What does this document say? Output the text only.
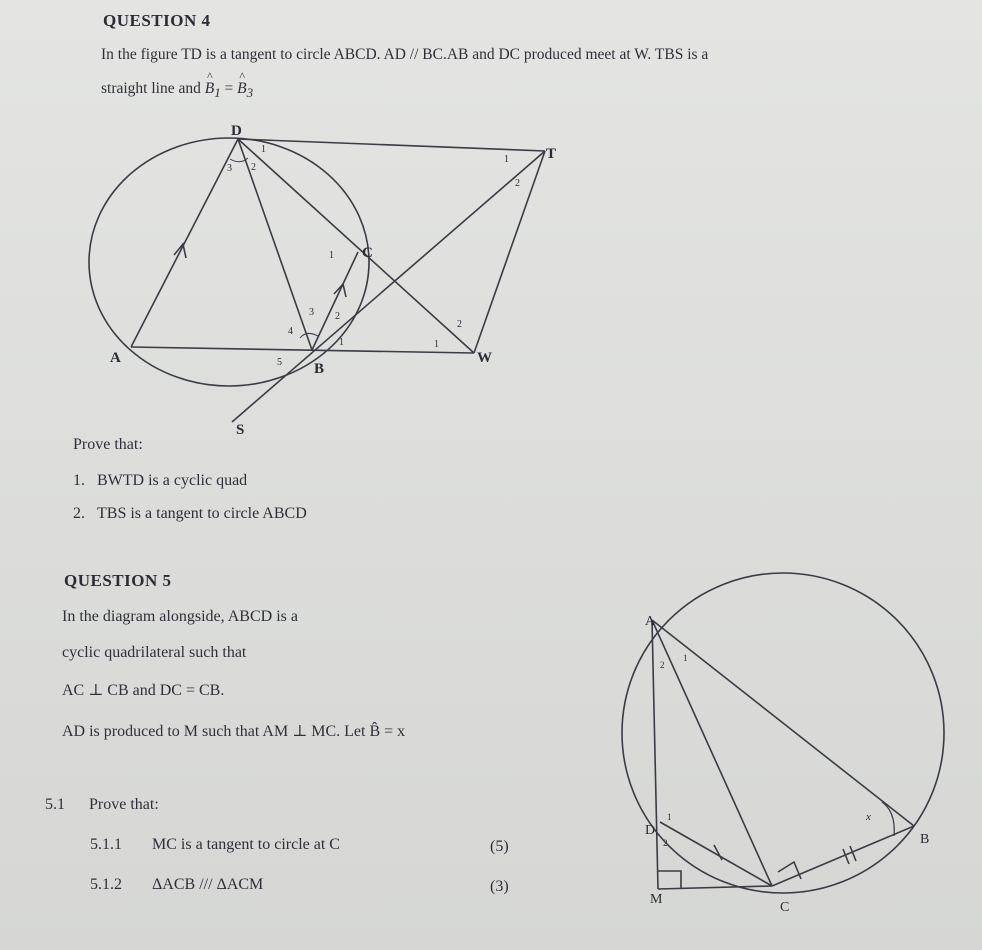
QUESTION 4
In the figure TD is a tangent to circle ABCD. AD // BC.AB and DC produced meet at W. TBS is a
straight line and ^ $B_1$ = ^ $B_3$
D
T
C
A
B
W
S
1
2
3
1
2
1
3 2
4
1
5
2
1
A
B
C
D
M
1
2
1
2
x
Prove that:
1. BWTD is a cyclic quad
2. TBS is a tangent to circle ABCD
QUESTION 5
In the diagram alongside, ABCD is a
cyclic quadrilateral such that
AC ⊥ CB and DC = CB.
AD is produced to M such that AM ⊥ MC. Let B̂ = x
5.1 Prove that:
5.1.1 MC is a tangent to circle at C	(5)
5.1.2 ΔACB /// ΔACM	(3)
